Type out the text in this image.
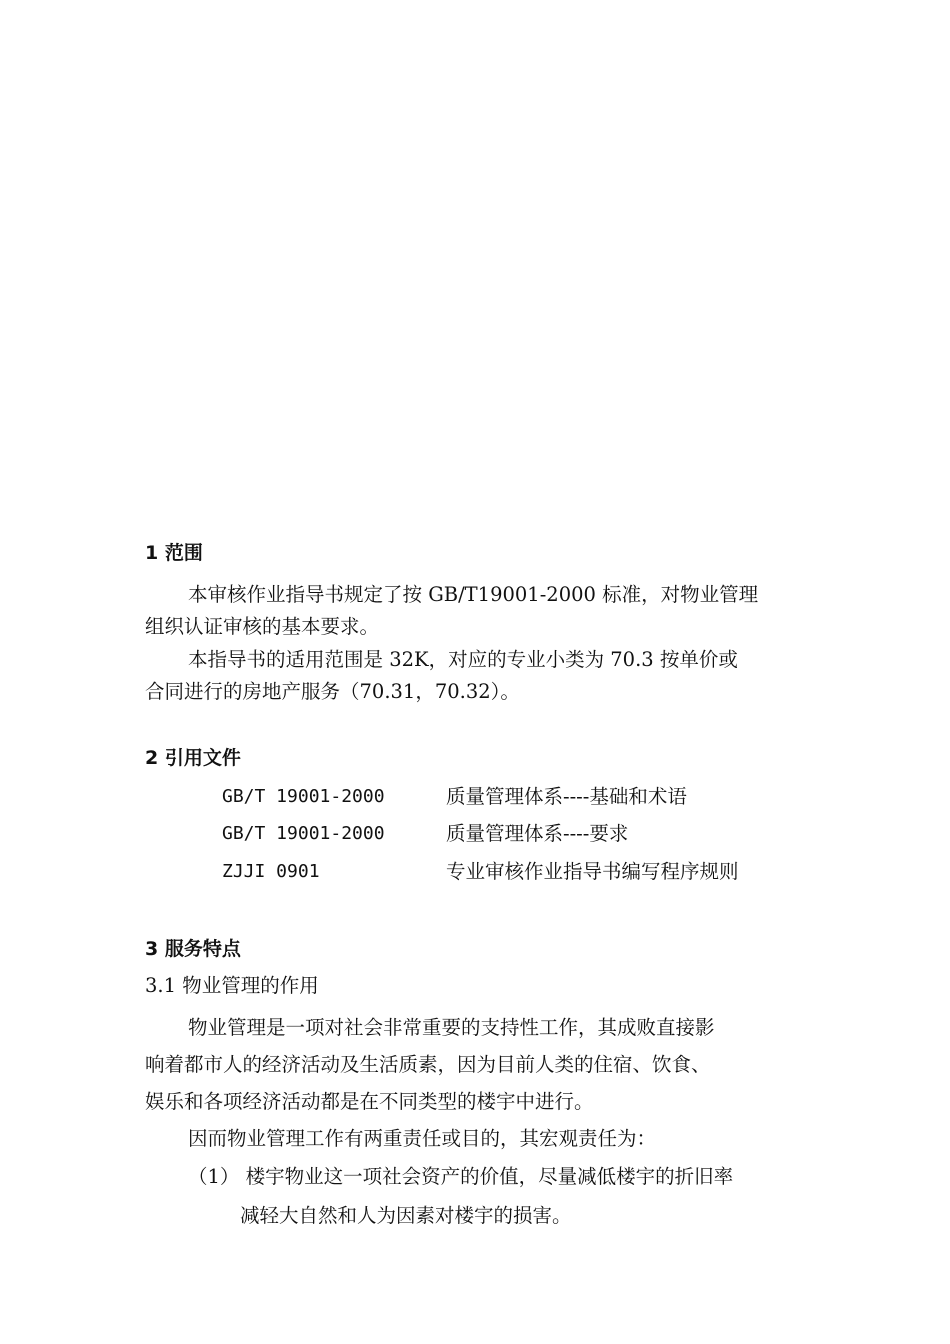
1 范围
本审核作业指导书规定了按 GB/T19001-2000 标准，对物业管理
组织认证审核的基本要求。
本指导书的适用范围是 32K，对应的专业小类为 70.3 按单价或
合同进行的房地产服务（70.31，70.32）。
2 引用文件
GB/T 19001-2000	质量管理体系----基础和术语
GB/T 19001-2000	质量管理体系----要求
ZJJI 0901	专业审核作业指导书编写程序规则
3 服务特点
3.1 物业管理的作用
物业管理是一项对社会非常重要的支持性工作，其成败直接影
响着都市人的经济活动及生活质素，因为目前人类的住宿、饮食、
娱乐和各项经济活动都是在不同类型的楼宇中进行。
因而物业管理工作有两重责任或目的，其宏观责任为：
（1） 楼宇物业这一项社会资产的价值，尽量减低楼宇的折旧率
减轻大自然和人为因素对楼宇的损害。
